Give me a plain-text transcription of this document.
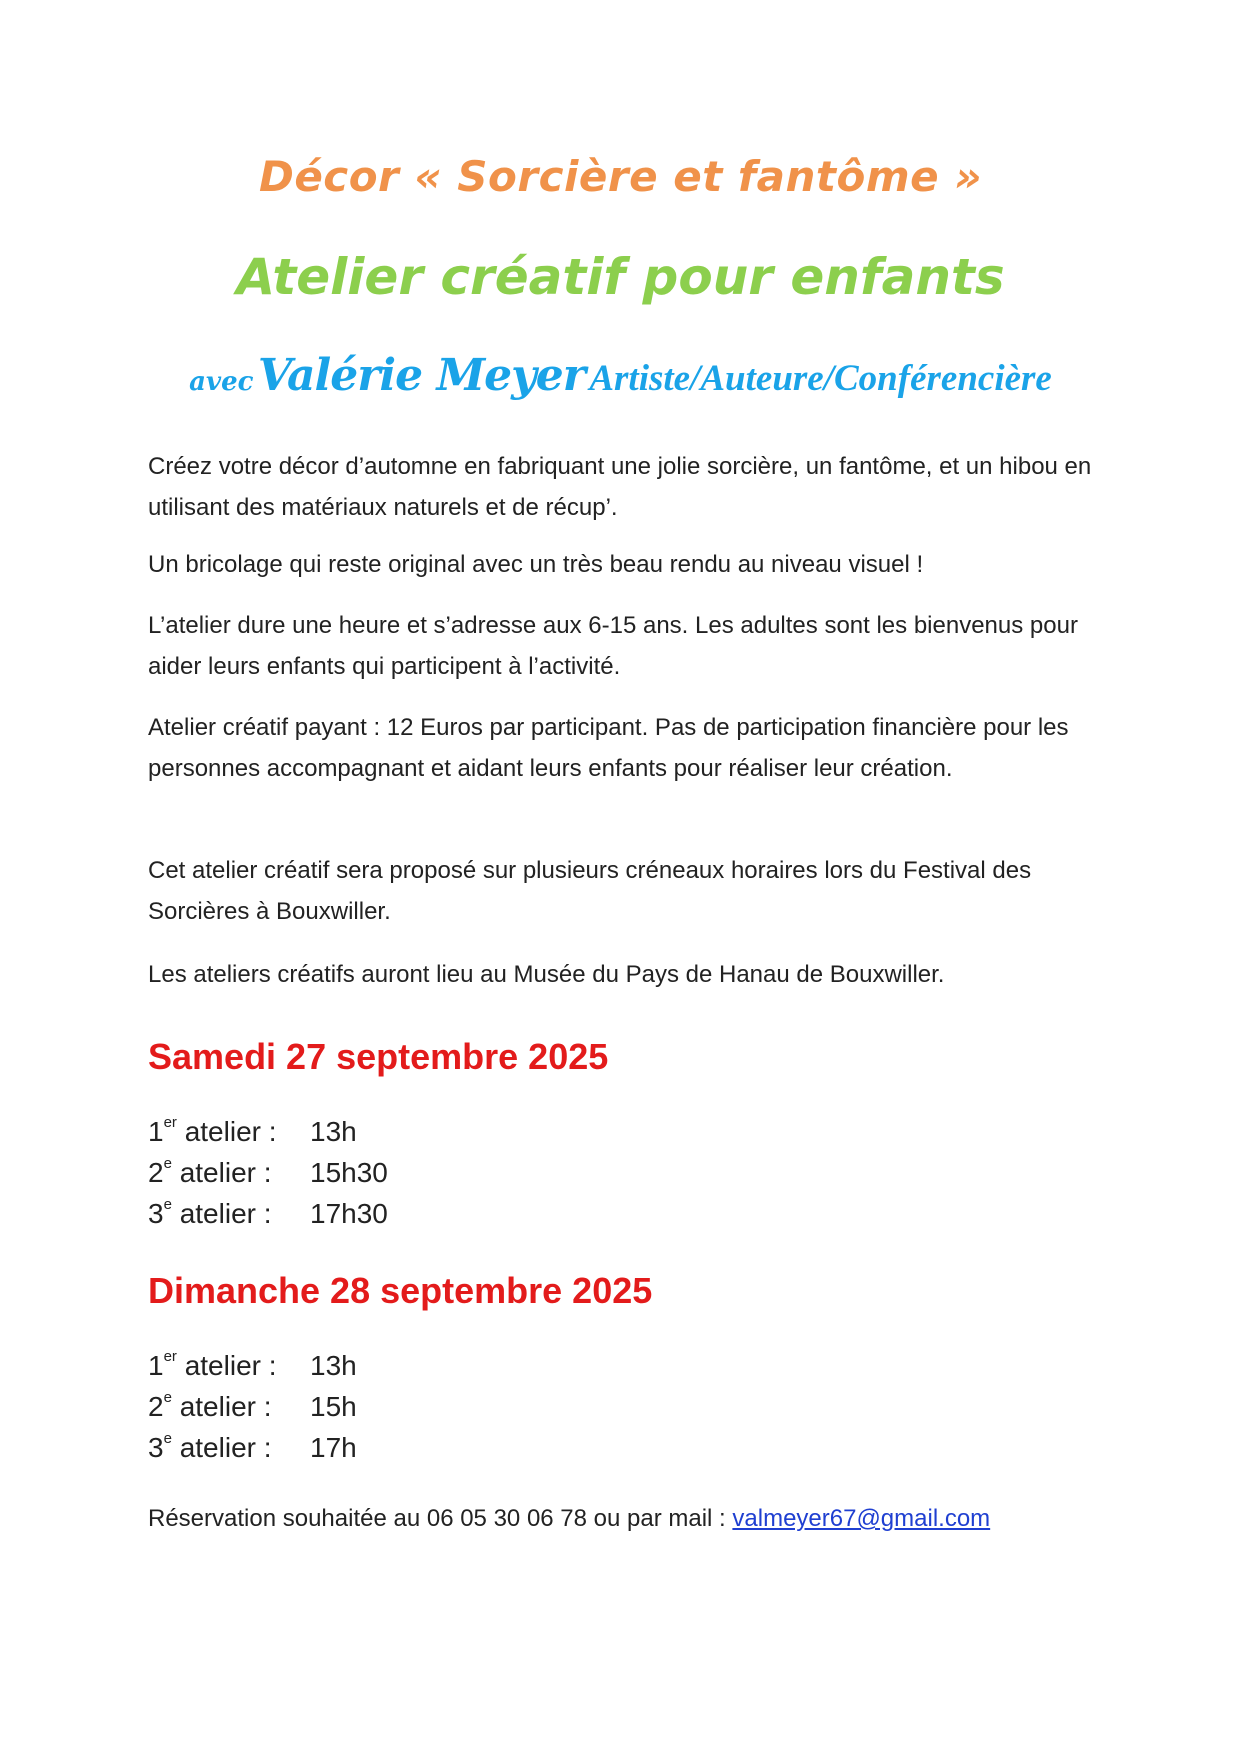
Décor « Sorcière et fantôme »
Atelier créatif pour enfants
avec Valérie Meyer Artiste/Auteure/Conférencière
Créez votre décor d’automne en fabriquant une jolie sorcière, un fantôme, et un hibou en utilisant des matériaux naturels et de récup’.
Un bricolage qui reste original avec un très beau rendu au niveau visuel !
L’atelier dure une heure et s’adresse aux 6-15 ans. Les adultes sont les bienvenus pour aider leurs enfants qui participent à l’activité.
Atelier créatif payant : 12 Euros par participant. Pas de participation financière pour les personnes accompagnant et aidant leurs enfants pour réaliser leur création.
Cet atelier créatif sera proposé sur plusieurs créneaux horaires lors du Festival des Sorcières à Bouxwiller.
Les ateliers créatifs auront lieu au Musée du Pays de Hanau de Bouxwiller.
Samedi 27 septembre 2025
1er atelier : 13h
2e atelier : 15h30
3e atelier : 17h30
Dimanche 28 septembre 2025
1er atelier : 13h
2e atelier : 15h
3e atelier : 17h
Réservation souhaitée au 06 05 30 06 78 ou par mail : valmeyer67@gmail.com
